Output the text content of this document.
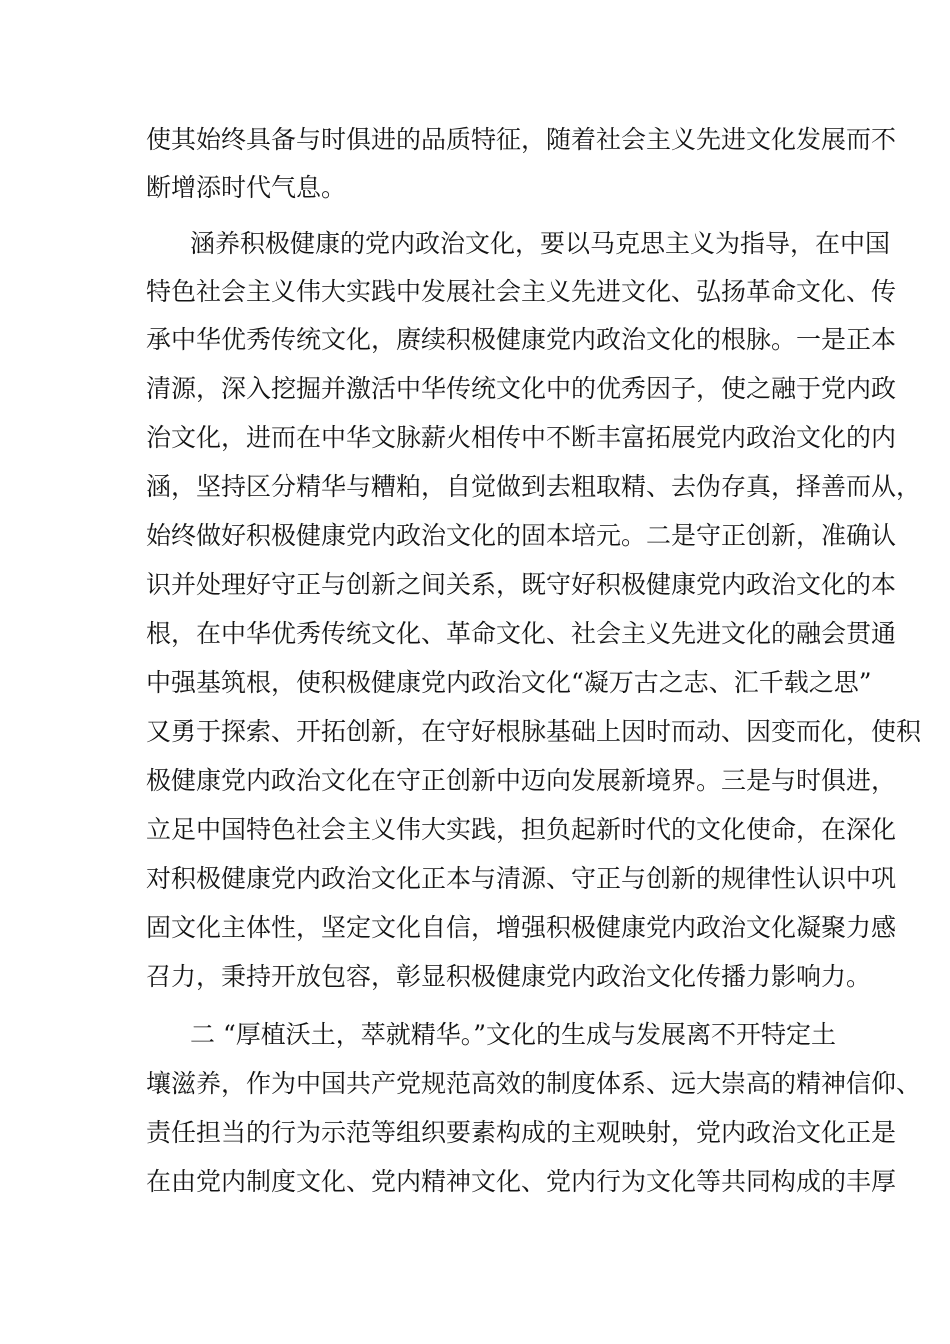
使其始终具备与时俱进的品质特征，随着社会主义先进文化发展而不
断增添时代气息。
涵养积极健康的党内政治文化，要以马克思主义为指导，在中国
特色社会主义伟大实践中发展社会主义先进文化、弘扬革命文化、传
承中华优秀传统文化，赓续积极健康党内政治文化的根脉。一是正本
清源，深入挖掘并激活中华传统文化中的优秀因子，使之融于党内政
治文化，进而在中华文脉薪火相传中不断丰富拓展党内政治文化的内
涵，坚持区分精华与糟粕，自觉做到去粗取精、去伪存真，择善而从，
始终做好积极健康党内政治文化的固本培元。二是守正创新，准确认
识并处理好守正与创新之间关系，既守好积极健康党内政治文化的本
根，在中华优秀传统文化、革命文化、社会主义先进文化的融会贯通
中强基筑根，使积极健康党内政治文化“凝万古之志、汇千载之思”
又勇于探索、开拓创新，在守好根脉基础上因时而动、因变而化，使积
极健康党内政治文化在守正创新中迈向发展新境界。三是与时俱进，
立足中国特色社会主义伟大实践，担负起新时代的文化使命，在深化
对积极健康党内政治文化正本与清源、守正与创新的规律性认识中巩
固文化主体性，坚定文化自信，增强积极健康党内政治文化凝聚力感
召力，秉持开放包容，彰显积极健康党内政治文化传播力影响力。
二 “厚植沃土，萃就精华。”文化的生成与发展离不开特定土
壤滋养，作为中国共产党规范高效的制度体系、远大崇高的精神信仰、
责任担当的行为示范等组织要素构成的主观映射，党内政治文化正是
在由党内制度文化、党内精神文化、党内行为文化等共同构成的丰厚
